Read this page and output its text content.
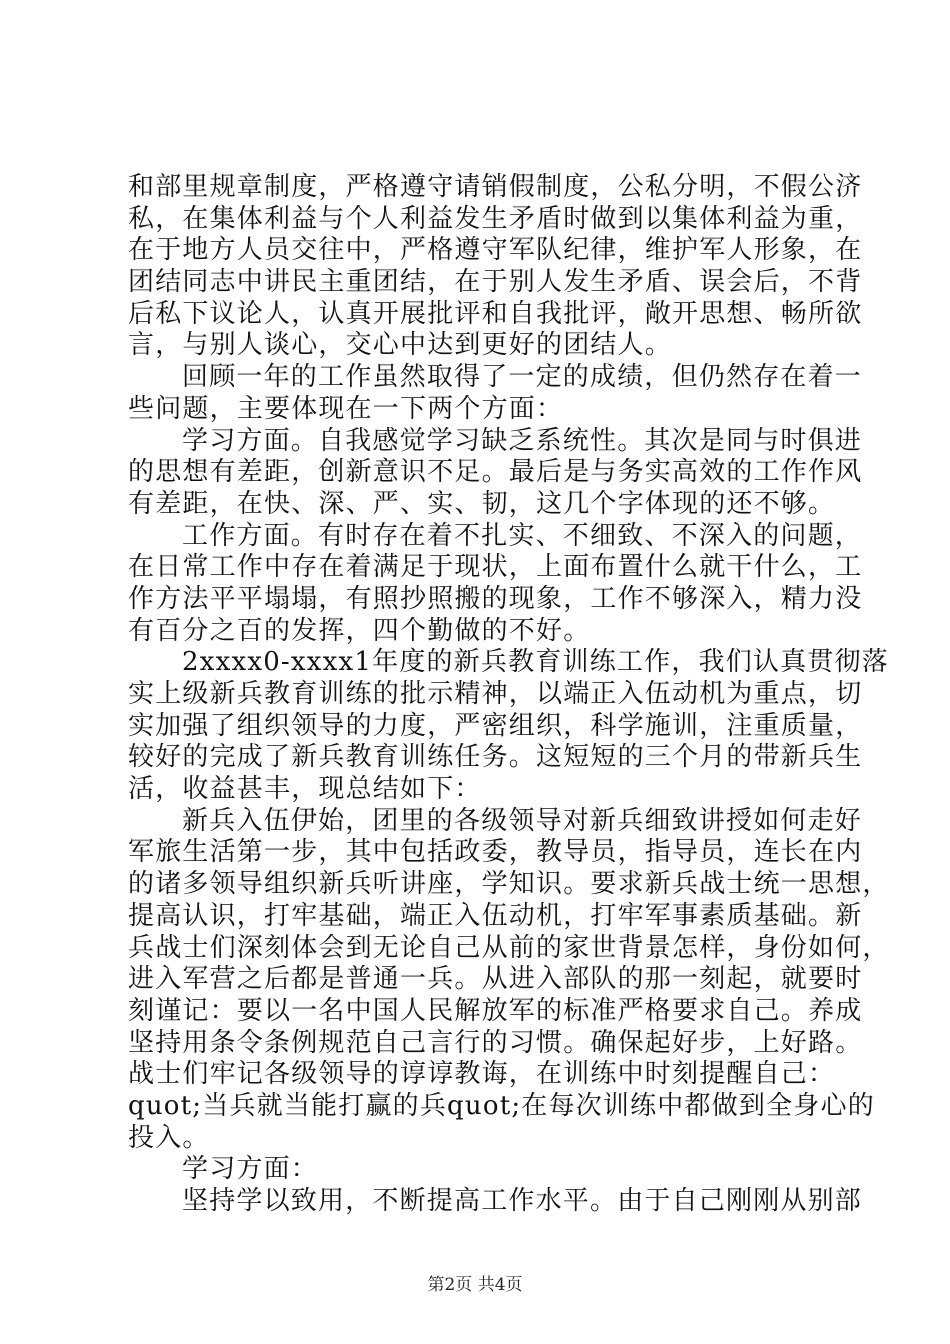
和部里规章制度，严格遵守请销假制度，公私分明，不假公济
私，在集体利益与个人利益发生矛盾时做到以集体利益为重，
在于地方人员交往中，严格遵守军队纪律，维护军人形象，在
团结同志中讲民主重团结，在于别人发生矛盾、误会后，不背
后私下议论人，认真开展批评和自我批评，敞开思想、畅所欲
言，与别人谈心，交心中达到更好的团结人。
回顾一年的工作虽然取得了一定的成绩，但仍然存在着一
些问题，主要体现在一下两个方面：
学习方面。自我感觉学习缺乏系统性。其次是同与时俱进
的思想有差距，创新意识不足。最后是与务实高效的工作作风
有差距，在快、深、严、实、韧，这几个字体现的还不够。
工作方面。有时存在着不扎实、不细致、不深入的问题，
在日常工作中存在着满足于现状，上面布置什么就干什么，工
作方法平平塌塌，有照抄照搬的现象，工作不够深入，精力没
有百分之百的发挥，四个勤做的不好。
2xxxx0-xxxx1年度的新兵教育训练工作，我们认真贯彻落
实上级新兵教育训练的批示精神，以端正入伍动机为重点，切
实加强了组织领导的力度，严密组织，科学施训，注重质量，
较好的完成了新兵教育训练任务。这短短的三个月的带新兵生
活，收益甚丰，现总结如下：
新兵入伍伊始，团里的各级领导对新兵细致讲授如何走好
军旅生活第一步，其中包括政委，教导员，指导员，连长在内
的诸多领导组织新兵听讲座，学知识。要求新兵战士统一思想，
提高认识，打牢基础，端正入伍动机，打牢军事素质基础。新
兵战士们深刻体会到无论自己从前的家世背景怎样，身份如何，
进入军营之后都是普通一兵。从进入部队的那一刻起，就要时
刻谨记：要以一名中国人民解放军的标准严格要求自己。养成
坚持用条令条例规范自己言行的习惯。确保起好步，上好路。
战士们牢记各级领导的谆谆教诲，在训练中时刻提醒自己：
quot;当兵就当能打赢的兵quot;在每次训练中都做到全身心的
投入。
学习方面：
坚持学以致用，不断提高工作水平。由于自己刚刚从别部
第2页 共4页
